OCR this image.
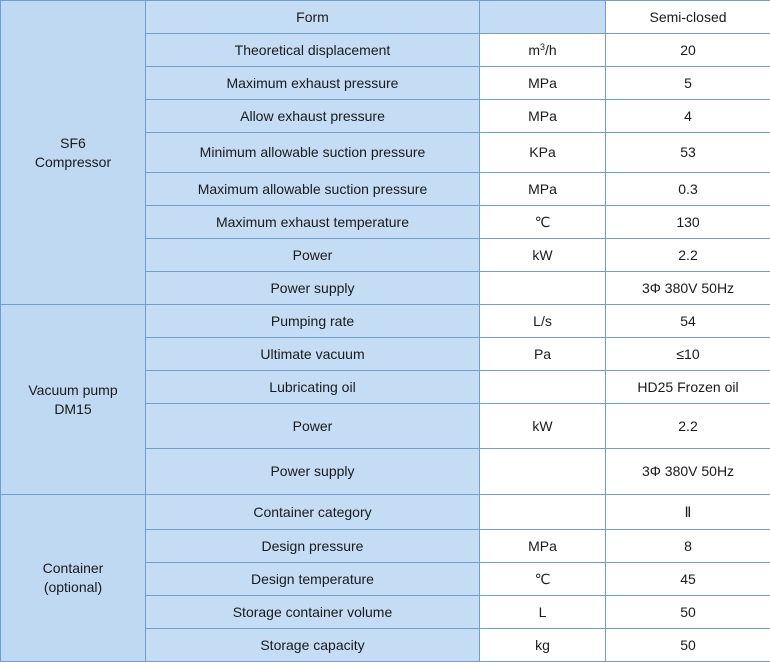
SF6
Compressor	Form		Semi-closed
	Theoretical displacement	$m^3/h$	20
	Maximum exhaust pressure	MPa	5
	Allow exhaust pressure	MPa	4
	Minimum allowable suction pressure	KPa	53
	Maximum allowable suction pressure	MPa	0.3
	Maximum exhaust temperature	℃	130
	Power	kW	2.2
	Power supply		3Φ 380V 50Hz
Vacuum pump
DM15	Pumping rate	L/s	54
	Ultimate vacuum	Pa	≤10
	Lubricating oil		HD25 Frozen oil
	Power	kW	2.2
	Power supply		3Φ 380V 50Hz
Container
(optional)	Container category		Ⅱ
	Design pressure	MPa	8
	Design temperature	℃	45
	Storage container volume	L	50
	Storage capacity	kg	50
